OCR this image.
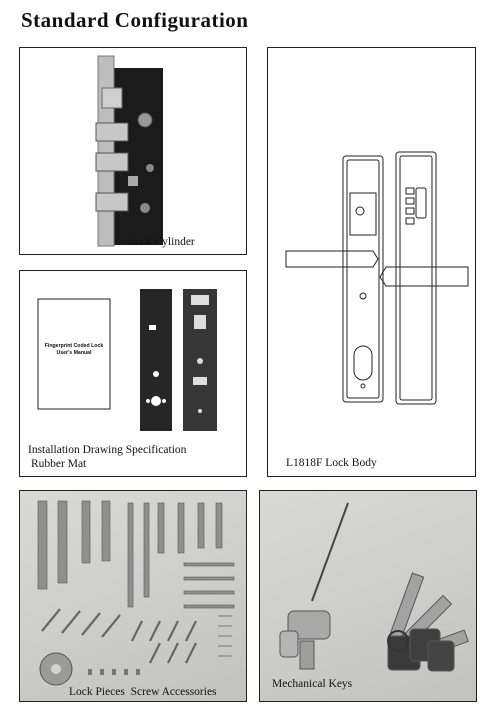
Standard Configuration
Lock Cylinder
Fingerprint Coded Lock
User's Manual
Installation Drawing Specification
Rubber Mat	L1818F Lock Body
Lock Pieces  Screw Accessories
Mechanical Keys
